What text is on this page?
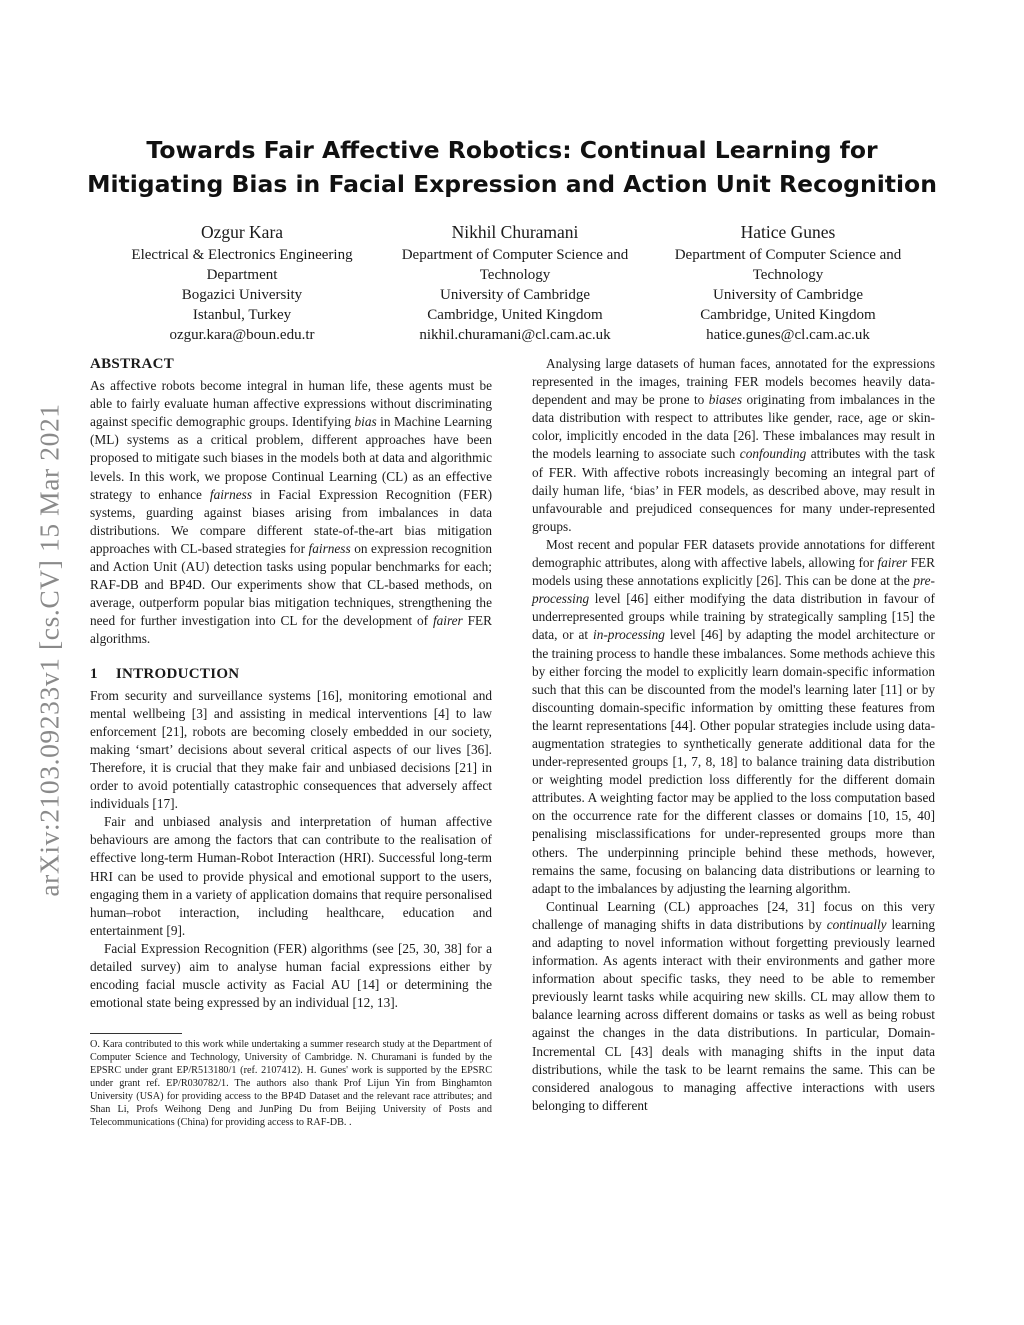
arXiv:2103.09233v1 [cs.CV] 15 Mar 2021
Towards Fair Affective Robotics: Continual Learning for
Mitigating Bias in Facial Expression and Action Unit Recognition
Ozgur Kara
Electrical & Electronics Engineering
Department
Bogazici University
Istanbul, Turkey
ozgur.kara@boun.edu.tr
Nikhil Churamani
Department of Computer Science and
Technology
University of Cambridge
Cambridge, United Kingdom
nikhil.churamani@cl.cam.ac.uk
Hatice Gunes
Department of Computer Science and
Technology
University of Cambridge
Cambridge, United Kingdom
hatice.gunes@cl.cam.ac.uk
ABSTRACT

As affective robots become integral in human life, these agents must be able to fairly evaluate human affective expressions without discriminating against specific demographic groups. Identifying bias in Machine Learning (ML) systems as a critical problem, different approaches have been proposed to mitigate such biases in the models both at data and algorithmic levels. In this work, we propose Continual Learning (CL) as an effective strategy to enhance fairness in Facial Expression Recognition (FER) systems, guarding against biases arising from imbalances in data distributions. We compare different state-of-the-art bias mitigation approaches with CL-based strategies for fairness on expression recognition and Action Unit (AU) detection tasks using popular benchmarks for each; RAF-DB and BP4D. Our experiments show that CL-based methods, on average, outperform popular bias mitigation techniques, strengthening the need for further investigation into CL for the development of fairer FER algorithms.

1 INTRODUCTION

From security and surveillance systems [16], monitoring emotional and mental wellbeing [3] and assisting in medical interventions [4] to law enforcement [21], robots are becoming closely embedded in our society, making ‘smart’ decisions about several critical aspects of our lives [36]. Therefore, it is crucial that they make fair and unbiased decisions [21] in order to avoid potentially catastrophic consequences that adversely affect individuals [17].

Fair and unbiased analysis and interpretation of human affective behaviours are among the factors that can contribute to the realisation of effective long-term Human-Robot Interaction (HRI). Successful long-term HRI can be used to provide physical and emotional support to the users, engaging them in a variety of application domains that require personalised human–robot interaction, including healthcare, education and entertainment [9].

Facial Expression Recognition (FER) algorithms (see [25, 30, 38] for a detailed survey) aim to analyse human facial expressions either by encoding facial muscle activity as Facial AU [14] or determining the emotional state being expressed by an individual [12, 13].

O. Kara contributed to this work while undertaking a summer research study at the Department of Computer Science and Technology, University of Cambridge. N. Churamani is funded by the EPSRC under grant EP/R513180/1 (ref. 2107412). H. Gunes' work is supported by the EPSRC under grant ref. EP/R030782/1. The authors also thank Prof Lijun Yin from Binghamton University (USA) for providing access to the BP4D Dataset and the relevant race attributes; and Shan Li, Profs Weihong Deng and JunPing Du from Beijing University of Posts and Telecommunications (China) for providing access to RAF-DB. .

Analysing large datasets of human faces, annotated for the expressions represented in the images, training FER models becomes heavily data-dependent and may be prone to biases originating from imbalances in the data distribution with respect to attributes like gender, race, age or skin-color, implicitly encoded in the data [26]. These imbalances may result in the models learning to associate such confounding attributes with the task of FER. With affective robots increasingly becoming an integral part of daily human life, ‘bias’ in FER models, as described above, may result in unfavourable and prejudiced consequences for many under-represented groups.

Most recent and popular FER datasets provide annotations for different demographic attributes, along with affective labels, allowing for fairer FER models using these annotations explicitly [26]. This can be done at the pre-processing level [46] either modifying the data distribution in favour of underrepresented groups while training by strategically sampling [15] the data, or at in-processing level [46] by adapting the model architecture or the training process to handle these imbalances. Some methods achieve this by either forcing the model to explicitly learn domain-specific information such that this can be discounted from the model's learning later [11] or by discounting domain-specific information by omitting these features from the learnt representations [44]. Other popular strategies include using data-augmentation strategies to synthetically generate additional data for the under-represented groups [1, 7, 8, 18] to balance training data distribution or weighting model prediction loss differently for the different domain attributes. A weighting factor may be applied to the loss computation based on the occurrence rate for the different classes or domains [10, 15, 40] penalising misclassifications for under-represented groups more than others. The underpinning principle behind these methods, however, remains the same, focusing on balancing data distributions or learning to adapt to the imbalances by adjusting the learning algorithm.

Continual Learning (CL) approaches [24, 31] focus on this very challenge of managing shifts in data distributions by continually learning and adapting to novel information without forgetting previously learned information. As agents interact with their environments and gather more information about specific tasks, they need to be able to remember previously learnt tasks while acquiring new skills. CL may allow them to balance learning across different domains or tasks as well as being robust against the changes in the data distributions. In particular, Domain-Incremental CL [43] deals with managing shifts in the input data distributions, while the task to be learnt remains the same. This can be considered analogous to managing affective interactions with users belonging to different
